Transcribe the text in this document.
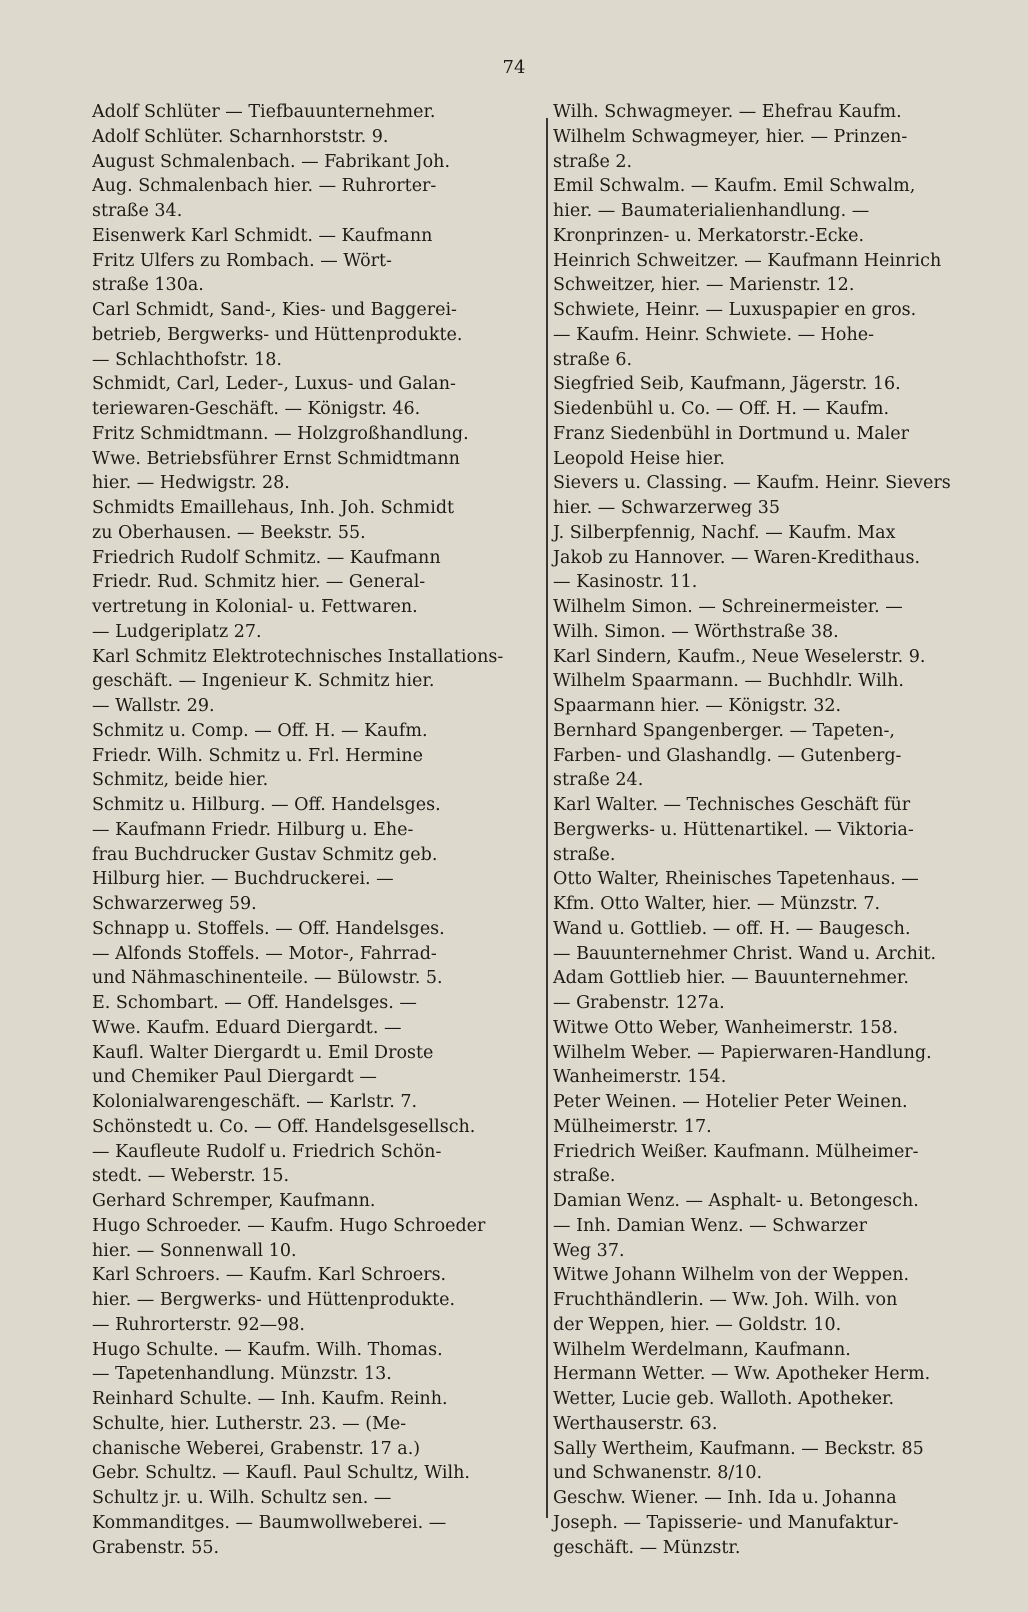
74
Adolf Schlüter — Tiefbauunternehmer.
Adolf Schlüter. Scharnhorststr. 9.
August Schmalenbach. — Fabrikant Joh.
Aug. Schmalenbach hier. — Ruhrorter-
straße 34.
Eisenwerk Karl Schmidt. — Kaufmann
Fritz Ulfers zu Rombach. — Wört-
straße 130a.
Carl Schmidt, Sand-, Kies- und Baggerei-
betrieb, Bergwerks- und Hüttenprodukte.
— Schlachthofstr. 18.
Schmidt, Carl, Leder-, Luxus- und Galan-
teriewaren-Geschäft. — Königstr. 46.
Fritz Schmidtmann. — Holzgroßhandlung.
Wwe. Betriebsführer Ernst Schmidtmann
hier. — Hedwigstr. 28.
Schmidts Emaillehaus, Inh. Joh. Schmidt
zu Oberhausen. — Beekstr. 55.
Friedrich Rudolf Schmitz. — Kaufmann
Friedr. Rud. Schmitz hier. — General-
vertretung in Kolonial- u. Fettwaren.
— Ludgeriplatz 27.
Karl Schmitz Elektrotechnisches Installations-
geschäft. — Ingenieur K. Schmitz hier.
— Wallstr. 29.
Schmitz u. Comp. — Off. H. — Kaufm.
Friedr. Wilh. Schmitz u. Frl. Hermine
Schmitz, beide hier.
Schmitz u. Hilburg. — Off. Handelsges.
— Kaufmann Friedr. Hilburg u. Ehe-
frau Buchdrucker Gustav Schmitz geb.
Hilburg hier. — Buchdruckerei. —
Schwarzerweg 59.
Schnapp u. Stoffels. — Off. Handelsges.
— Alfonds Stoffels. — Motor-, Fahrrad-
und Nähmaschinenteile. — Bülowstr. 5.
E. Schombart. — Off. Handelsges. —
Wwe. Kaufm. Eduard Diergardt. —
Kaufl. Walter Diergardt u. Emil Droste
und Chemiker Paul Diergardt —
Kolonialwarengeschäft. — Karlstr. 7.
Schönstedt u. Co. — Off. Handelsgesellsch.
— Kaufleute Rudolf u. Friedrich Schön-
stedt. — Weberstr. 15.
Gerhard Schremper, Kaufmann.
Hugo Schroeder. — Kaufm. Hugo Schroeder
hier. — Sonnenwall 10.
Karl Schroers. — Kaufm. Karl Schroers.
hier. — Bergwerks- und Hüttenprodukte.
— Ruhrorterstr. 92—98.
Hugo Schulte. — Kaufm. Wilh. Thomas.
— Tapetenhandlung. Münzstr. 13.
Reinhard Schulte. — Inh. Kaufm. Reinh.
Schulte, hier. Lutherstr. 23. — (Me-
chanische Weberei, Grabenstr. 17 a.)
Gebr. Schultz. — Kaufl. Paul Schultz, Wilh.
Schultz jr. u. Wilh. Schultz sen. —
Kommanditges. — Baumwollweberei. —
Grabenstr. 55.
Wilh. Schwagmeyer. — Ehefrau Kaufm.
Wilhelm Schwagmeyer, hier. — Prinzen-
straße 2.
Emil Schwalm. — Kaufm. Emil Schwalm,
hier. — Baumaterialienhandlung. —
Kronprinzen- u. Merkatorstr.-Ecke.
Heinrich Schweitzer. — Kaufmann Heinrich
Schweitzer, hier. — Marienstr. 12.
Schwiete, Heinr. — Luxuspapier en gros.
— Kaufm. Heinr. Schwiete. — Hohe-
straße 6.
Siegfried Seib, Kaufmann, Jägerstr. 16.
Siedenbühl u. Co. — Off. H. — Kaufm.
Franz Siedenbühl in Dortmund u. Maler
Leopold Heise hier.
Sievers u. Classing. — Kaufm. Heinr. Sievers
hier. — Schwarzerweg 35
J. Silberpfennig, Nachf. — Kaufm. Max
Jakob zu Hannover. — Waren-Kredithaus.
— Kasinostr. 11.
Wilhelm Simon. — Schreinermeister. —
Wilh. Simon. — Wörthstraße 38.
Karl Sindern, Kaufm., Neue Weselerstr. 9.
Wilhelm Spaarmann. — Buchhdlr. Wilh.
Spaarmann hier. — Königstr. 32.
Bernhard Spangenberger. — Tapeten-,
Farben- und Glashandlg. — Gutenberg-
straße 24.
Karl Walter. — Technisches Geschäft für
Bergwerks- u. Hüttenartikel. — Viktoria-
straße.
Otto Walter, Rheinisches Tapetenhaus. —
Kfm. Otto Walter, hier. — Münzstr. 7.
Wand u. Gottlieb. — off. H. — Baugesch.
— Bauunternehmer Christ. Wand u. Archit.
Adam Gottlieb hier. — Bauunternehmer.
— Grabenstr. 127a.
Witwe Otto Weber, Wanheimerstr. 158.
Wilhelm Weber. — Papierwaren-Handlung.
Wanheimerstr. 154.
Peter Weinen. — Hotelier Peter Weinen.
Mülheimerstr. 17.
Friedrich Weißer. Kaufmann. Mülheimer-
straße.
Damian Wenz. — Asphalt- u. Betongesch.
— Inh. Damian Wenz. — Schwarzer
Weg 37.
Witwe Johann Wilhelm von der Weppen.
Fruchthändlerin. — Ww. Joh. Wilh. von
der Weppen, hier. — Goldstr. 10.
Wilhelm Werdelmann, Kaufmann.
Hermann Wetter. — Ww. Apotheker Herm.
Wetter, Lucie geb. Walloth. Apotheker.
Werthauserstr. 63.
Sally Wertheim, Kaufmann. — Beckstr. 85
und Schwanenstr. 8/10.
Geschw. Wiener. — Inh. Ida u. Johanna
Joseph. — Tapisserie- und Manufaktur-
geschäft. — Münzstr.
